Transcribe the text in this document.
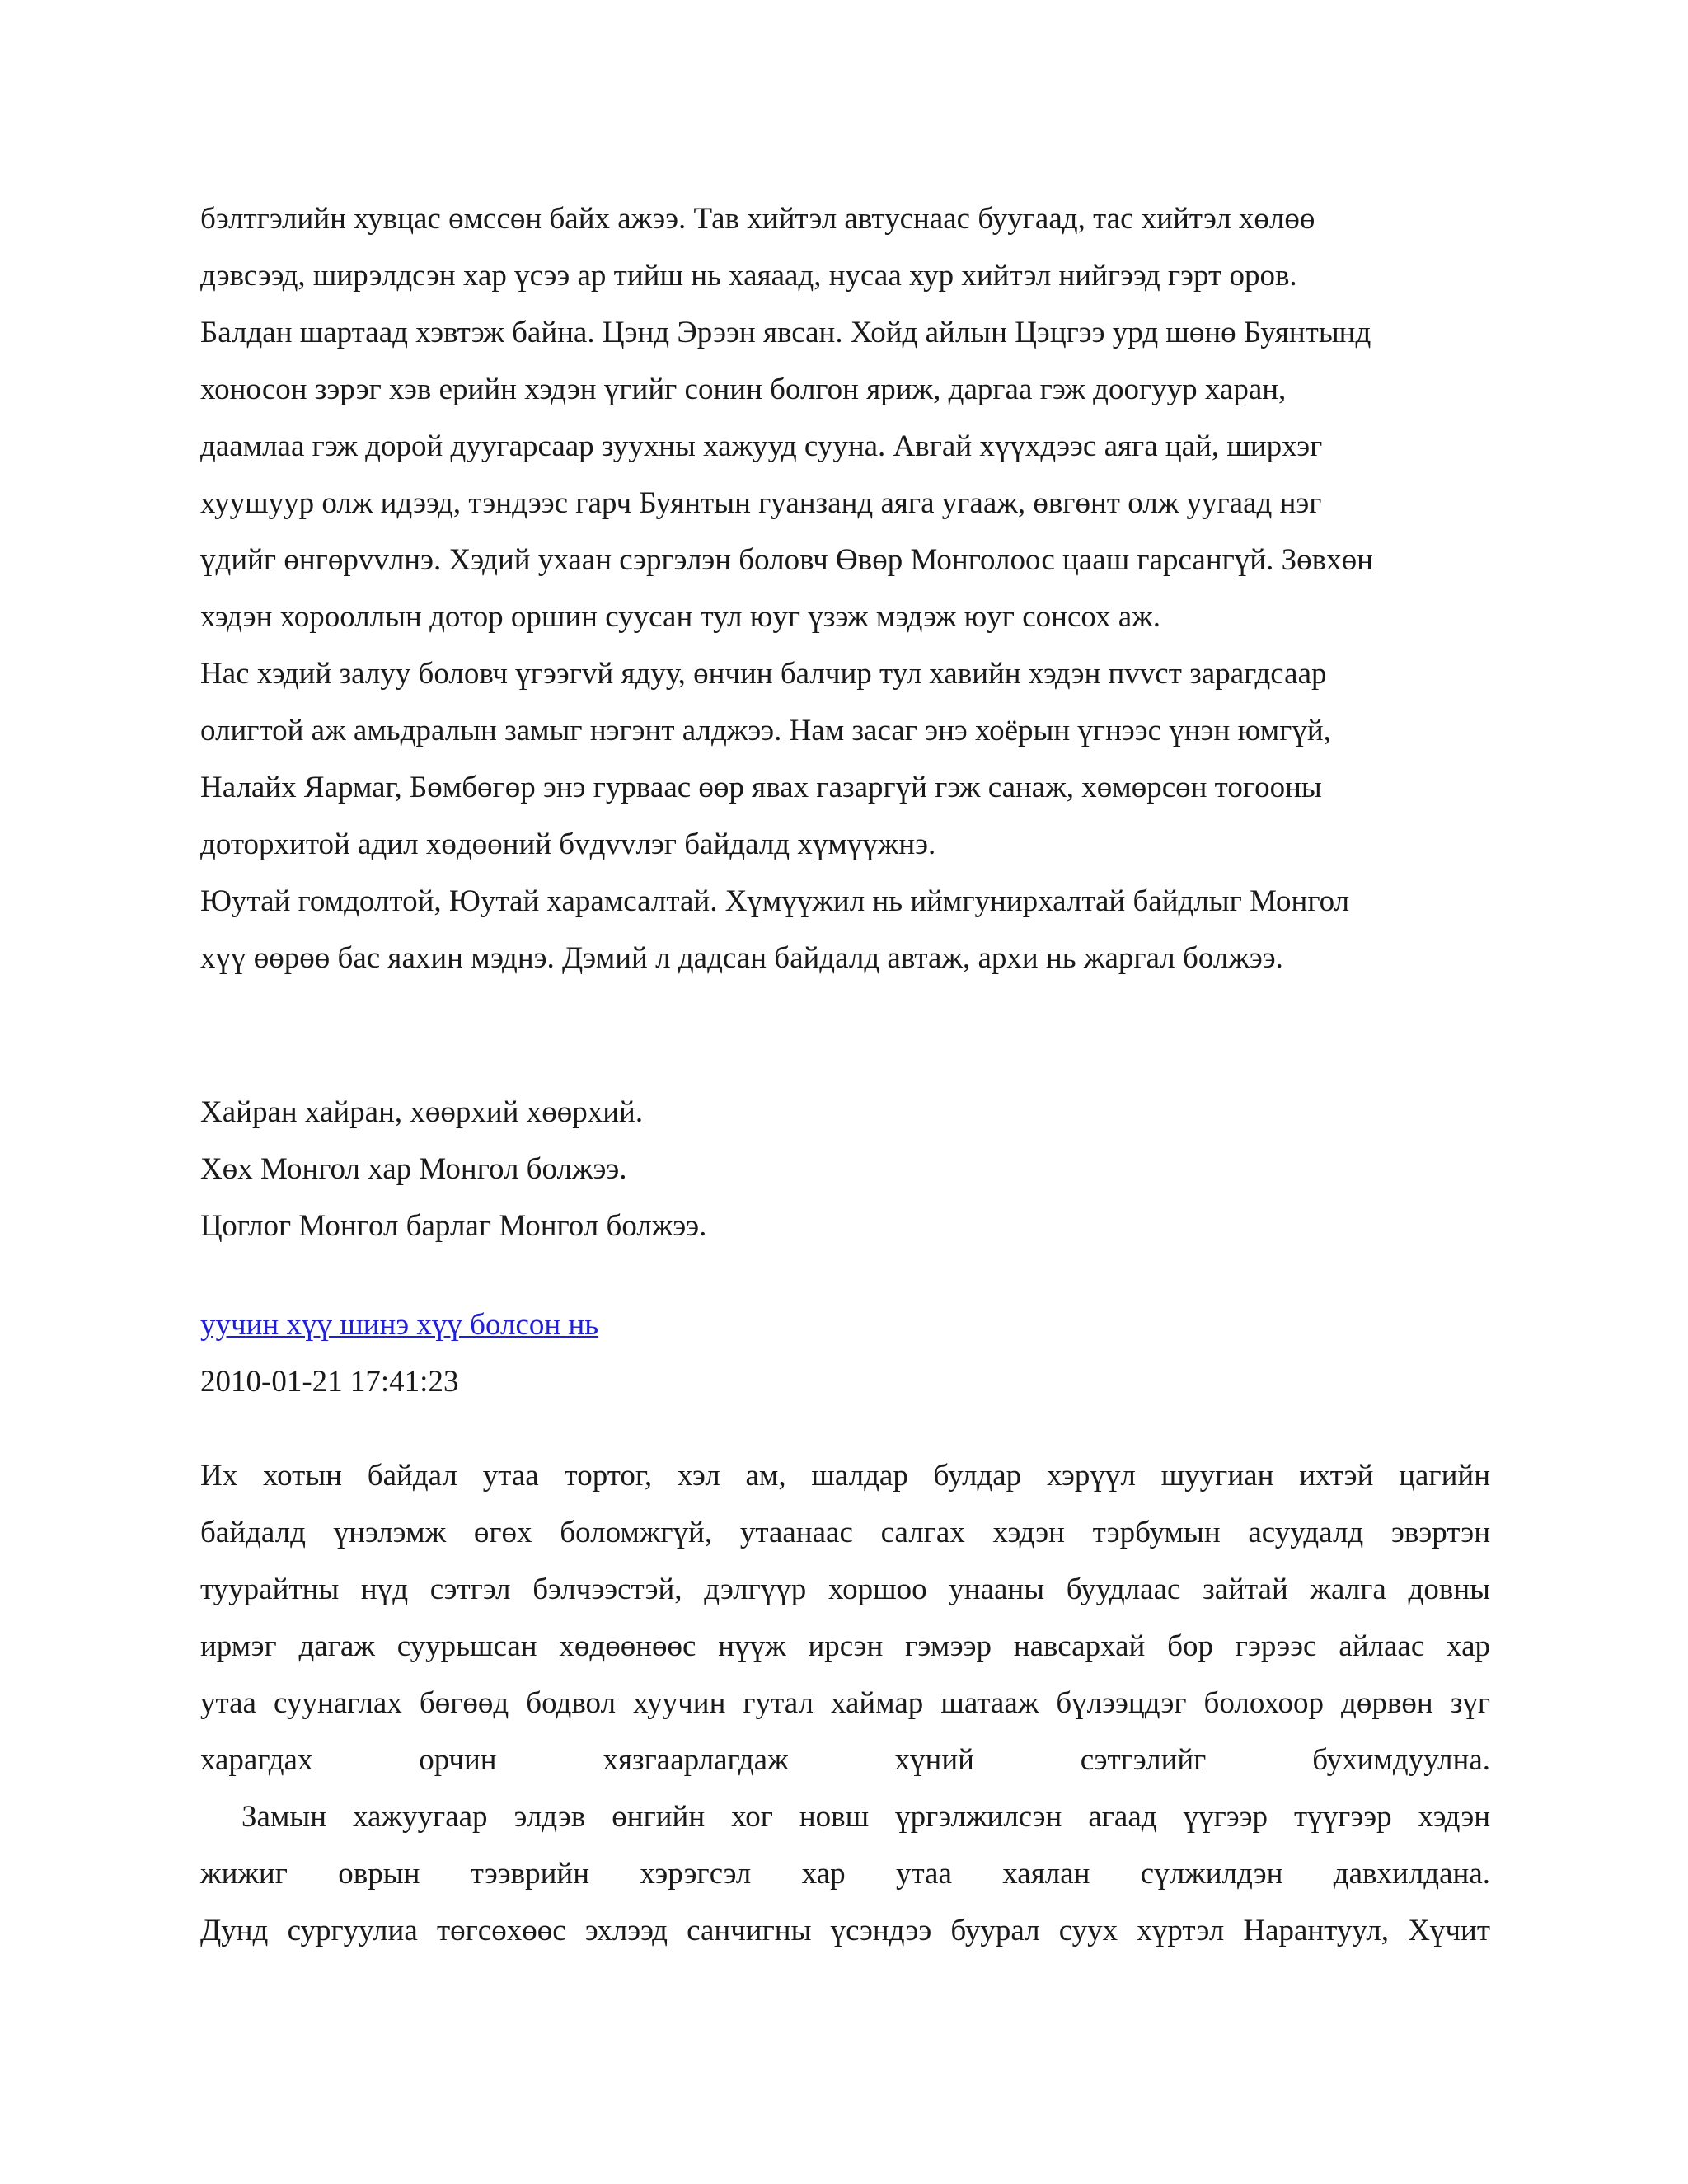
бэлтгэлийн хувцас өмссөн байх ажээ. Тав хийтэл автуснаас буугаад, тас хийтэл хөлөө
дэвсээд, ширэлдсэн хар үсээ ар тийш нь хаяаад, нусаа хур хийтэл нийгээд гэрт оров.
Балдан шартаад хэвтэж байна. Цэнд Эрээн явсан. Хойд айлын Цэцгээ урд шөнө Буянтынд
хоносон зэрэг хэв ерийн хэдэн үгийг сонин болгон яриж, даргаа гэж доогуур харан,
даамлаа гэж дорой дуугарсаар зуухны хажууд сууна. Авгай хүүхдээс аяга цай, ширхэг
хуушуур олж идээд, тэндээс гарч Буянтын гуанзанд аяга угааж, өвгөнт олж уугаад нэг
үдийг өнгөрvvлнэ. Хэдий ухаан сэргэлэн боловч Өвөр Монголоос цааш гарсангүй. Зөвхөн
хэдэн хорооллын дотор оршин суусан тул юуг үзэж мэдэж юуг сонсох аж.
Нас хэдий залуу боловч үгээгvй ядуу, өнчин балчир тул хавийн хэдэн пvvст зарагдсаар
олигтой аж амьдралын замыг нэгэнт алджээ. Нам засаг энэ хоёрын үгнээс үнэн юмгүй,
Налайх Яармаг, Бөмбөгөр энэ гурваас өөр явах газаргүй гэж санаж, хөмөрсөн тогооны
доторхитой адил хөдөөний бvдvvлэг байдалд хүмүүжнэ.
Юутай гомдолтой, Юутай харамсалтай. Хүмүүжил нь иймгунирхалтай байдлыг Монгол
хүү өөрөө бас яахин мэднэ. Дэмий л дадсан байдалд автаж, архи нь жаргал болжээ.

Хайран хайран, хөөрхий хөөрхий.
Хөх Монгол хар Монгол болжээ.
Цоглог Монгол барлаг Монгол болжээ.
уучин хүү шинэ хүү болсон нь
2010-01-21 17:41:23
Их хотын байдал утаа тортог, хэл ам, шалдар булдар хэрүүл шуугиан ихтэй цагийн
байдалд үнэлэмж өгөх боломжгүй, утаанаас салгах хэдэн тэрбумын асуудалд эвэртэн
туурайтны нүд сэтгэл бэлчээстэй, дэлгүүр хоршоо унааны буудлаас зайтай жалга довны
ирмэг дагаж суурьшсан хөдөөнөөс нүүж ирсэн гэмээр навсархай бор гэрээс айлаас хар
утаа суунаглах бөгөөд бодвол хуучин гутал хаймар шатааж бүлээцдэг болохоор дөрвөн зүг
харагдах орчин хязгаарлагдаж хүний сэтгэлийг бухимдуулна.
Замын хажуугаар элдэв өнгийн хог новш үргэлжилсэн агаад үүгээр түүгээр хэдэн
жижиг оврын тээврийн хэрэгсэл хар утаа хаялан сүлжилдэн давхилдана.
Дунд сургуулиа төгсөхөөс эхлээд санчигны үсэндээ буурал суух хүртэл Нарантуул, Хүчит
